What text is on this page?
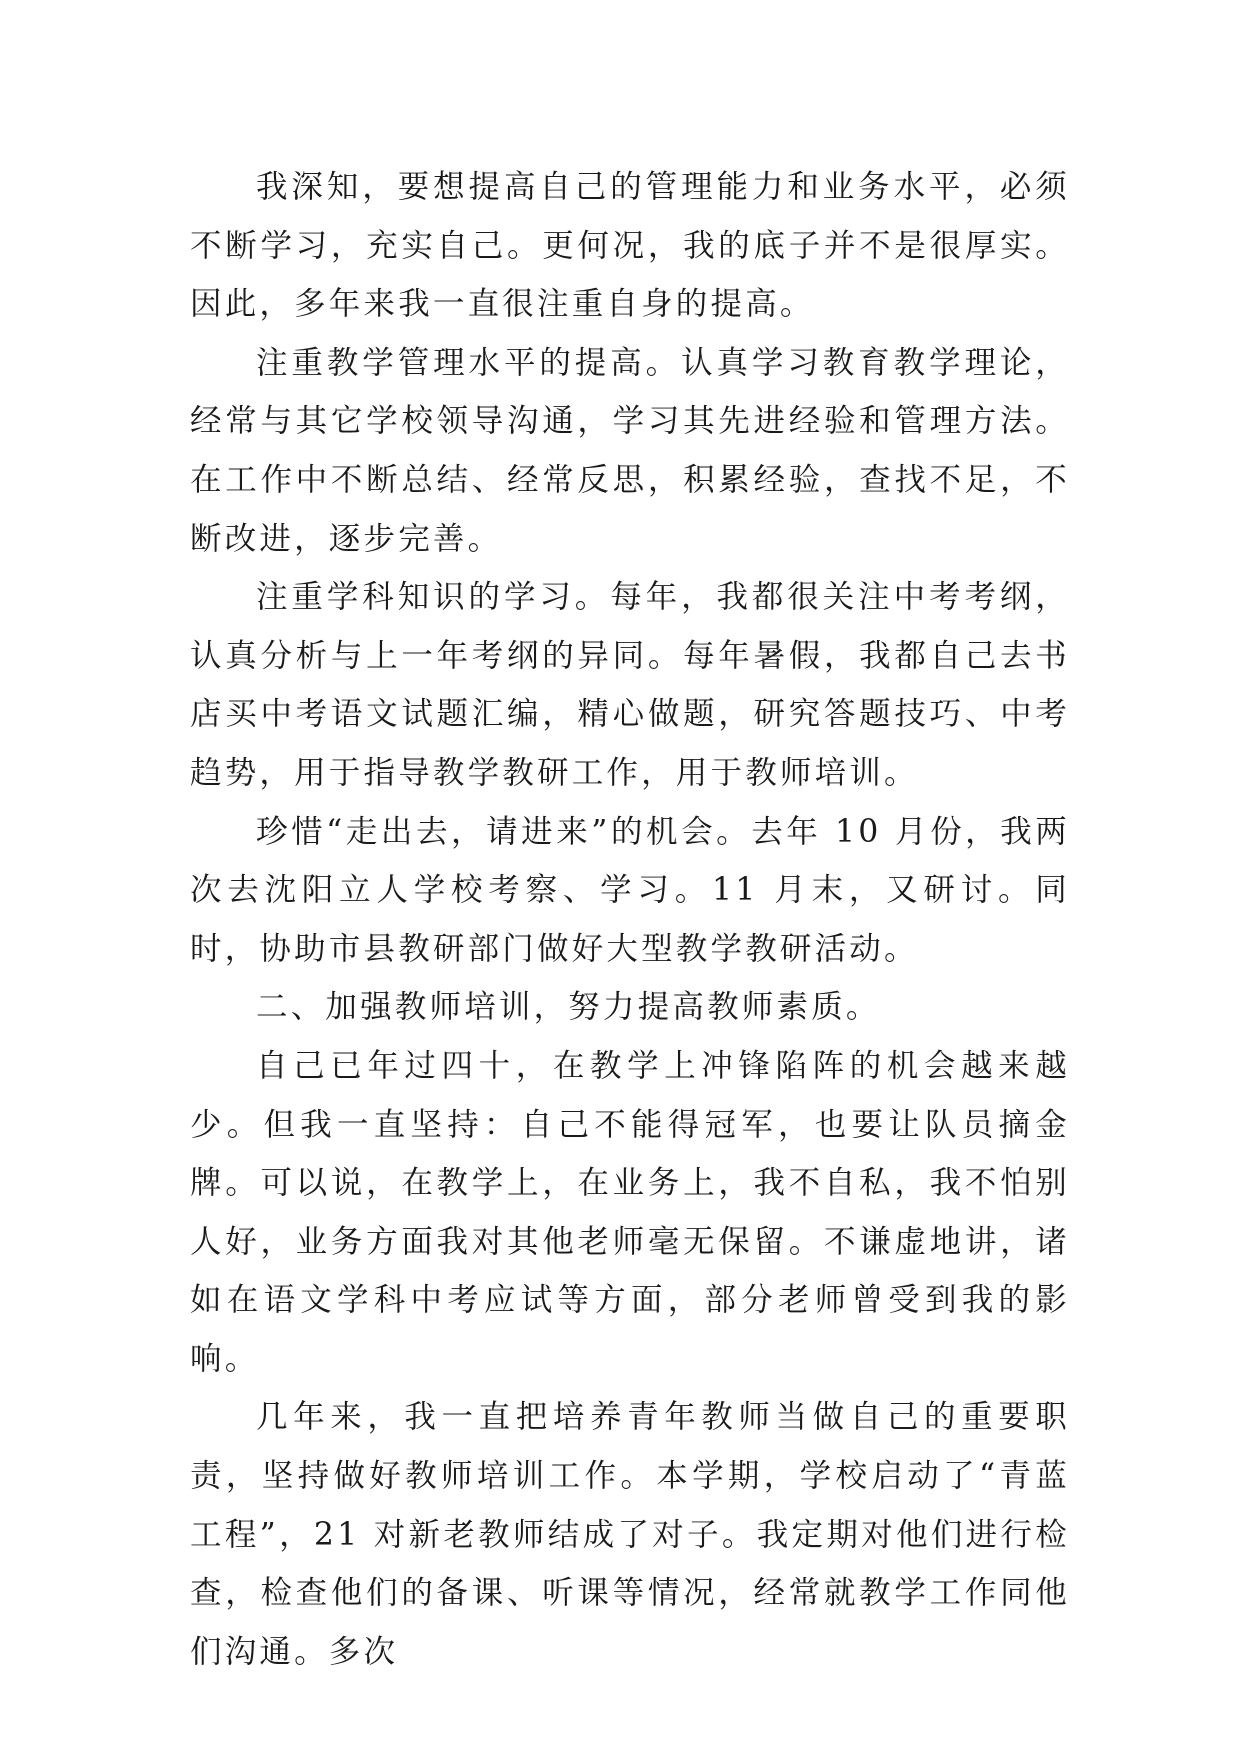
我深知，要想提高自己的管理能力和业务水平，必须不断学习，充实自己。更何况，我的底子并不是很厚实。因此，多年来我一直很注重自身的提高。

注重教学管理水平的提高。认真学习教育教学理论，经常与其它学校领导沟通，学习其先进经验和管理方法。在工作中不断总结、经常反思，积累经验，查找不足，不断改进，逐步完善。

注重学科知识的学习。每年，我都很关注中考考纲，认真分析与上一年考纲的异同。每年暑假，我都自己去书店买中考语文试题汇编，精心做题，研究答题技巧、中考趋势，用于指导教学教研工作，用于教师培训。

珍惜“走出去，请进来”的机会。去年 10 月份，我两次去沈阳立人学校考察、学习。11 月末，又研讨。同时，协助市县教研部门做好大型教学教研活动。

二、加强教师培训，努力提高教师素质。

自己已年过四十，在教学上冲锋陷阵的机会越来越少。但我一直坚持：自己不能得冠军，也要让队员摘金牌。可以说，在教学上，在业务上，我不自私，我不怕别人好，业务方面我对其他老师毫无保留。不谦虚地讲，诸如在语文学科中考应试等方面，部分老师曾受到我的影响。

几年来，我一直把培养青年教师当做自己的重要职责，坚持做好教师培训工作。本学期，学校启动了“青蓝工程”，21 对新老教师结成了对子。我定期对他们进行检查，检查他们的备课、听课等情况，经常就教学工作同他们沟通。多次
